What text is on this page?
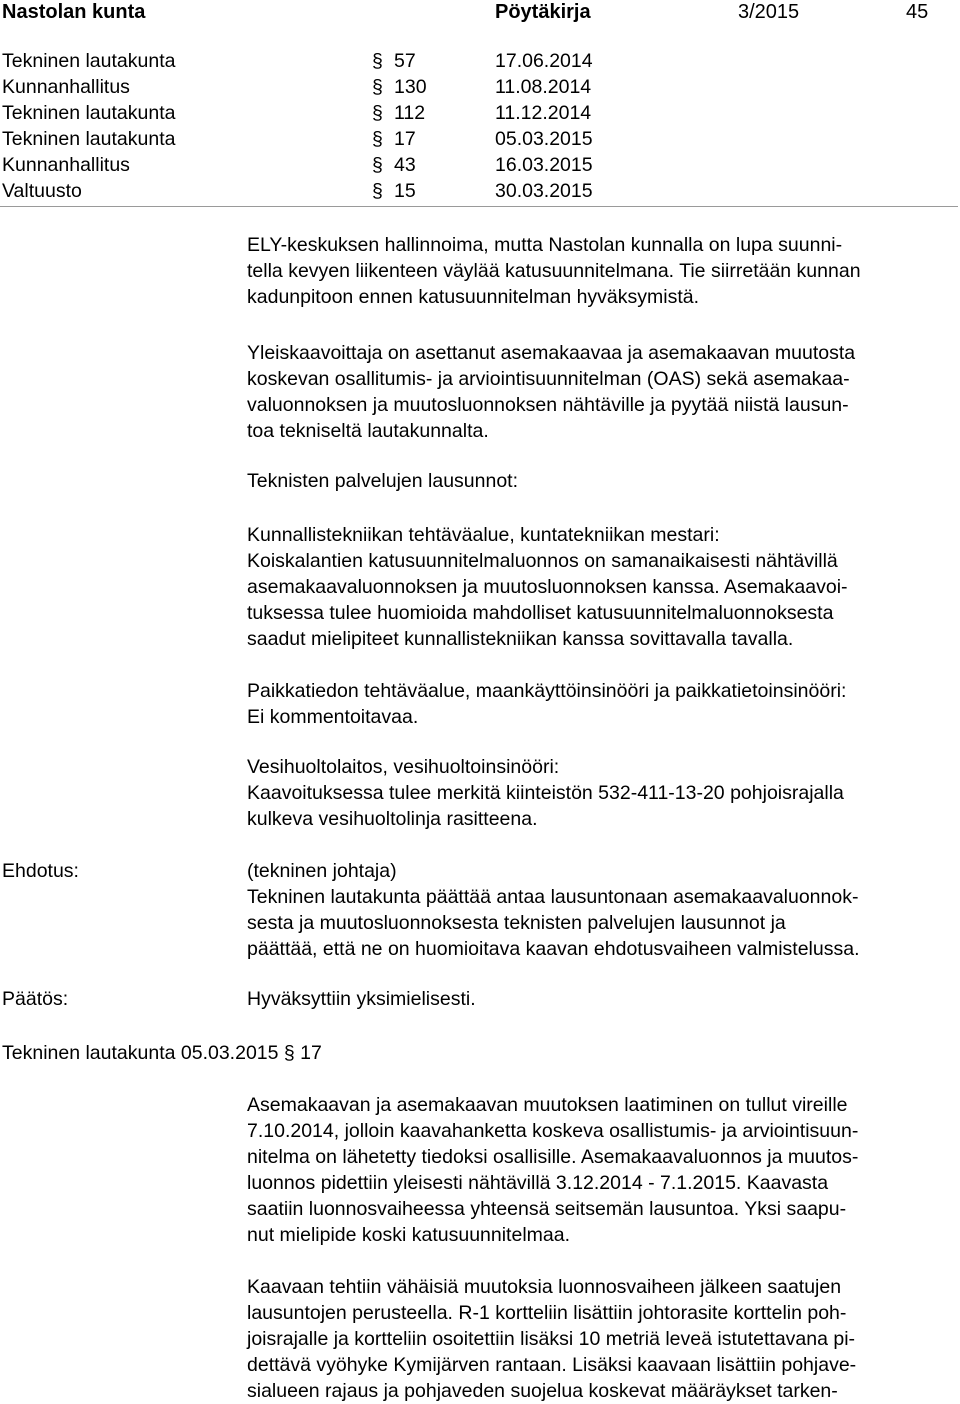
Nastolan kunta	Pöytäkirja	3/2015	45
Tekninen lautakunta	§ 57	17.06.2014
Kunnanhallitus	§ 130	11.08.2014
Tekninen lautakunta	§ 112	11.12.2014
Tekninen lautakunta	§ 17	05.03.2015
Kunnanhallitus	§ 43	16.03.2015
Valtuusto	§ 15	30.03.2015
ELY-keskuksen hallinnoima, mutta Nastolan kunnalla on lupa suunni-
tella kevyen liikenteen väylää katusuunnitelmana. Tie siirretään kunnan
kadunpitoon ennen katusuunnitelman hyväksymistä.
Yleiskaavoittaja on asettanut asemakaavaa ja asemakaavan muutosta
koskevan osallitumis- ja arviointisuunnitelman (OAS) sekä asemakaa-
valuonnoksen ja muutosluonnoksen nähtäville ja pyytää niistä lausun-
toa tekniseltä lautakunnalta.
Teknisten palvelujen lausunnot:
Kunnallistekniikan tehtäväalue, kuntatekniikan mestari:
Koiskalantien katusuunnitelmaluonnos on samanaikaisesti nähtävillä
asemakaavaluonnoksen ja muutosluonnoksen kanssa. Asemakaavoi-
tuksessa tulee huomioida mahdolliset katusuunnitelmaluonnoksesta
saadut mielipiteet kunnallistekniikan kanssa sovittavalla tavalla.
Paikkatiedon tehtäväalue, maankäyttöinsinööri ja paikkatietoinsinööri:
Ei kommentoitavaa.
Vesihuoltolaitos, vesihuoltoinsinööri:
Kaavoituksessa tulee merkitä kiinteistön 532-411-13-20 pohjoisrajalla
kulkeva vesihuoltolinja rasitteena.
Ehdotus:	(tekninen johtaja)
Tekninen lautakunta päättää antaa lausuntonaan asemakaavaluonnok-
sesta ja muutosluonnoksesta teknisten palvelujen lausunnot ja
päättää, että ne on huomioitava kaavan ehdotusvaiheen valmistelussa.
Päätös:	Hyväksyttiin yksimielisesti.
Tekninen lautakunta 05.03.2015 § 17
Asemakaavan ja asemakaavan muutoksen laatiminen on tullut vireille
7.10.2014, jolloin kaavahanketta koskeva osallistumis- ja arviointisuun-
nitelma on lähetetty tiedoksi osallisille. Asemakaavaluonnos ja muutos-
luonnos pidettiin yleisesti nähtävillä 3.12.2014 - 7.1.2015. Kaavasta
saatiin luonnosvaiheessa yhteensä seitsemän lausuntoa. Yksi saapu-
nut mielipide koski katusuunnitelmaa.
Kaavaan tehtiin vähäisiä muutoksia luonnosvaiheen jälkeen saatujen
lausuntojen perusteella. R-1 kortteliin lisättiin johtorasite korttelin poh-
joisrajalle ja kortteliin osoitettiin lisäksi 10 metriä leveä istutettavana pi-
dettävä vyöhyke Kymijärven rantaan. Lisäksi kaavaan lisättiin pohjave-
sialueen rajaus ja pohjaveden suojelua koskevat määräykset tarken-
